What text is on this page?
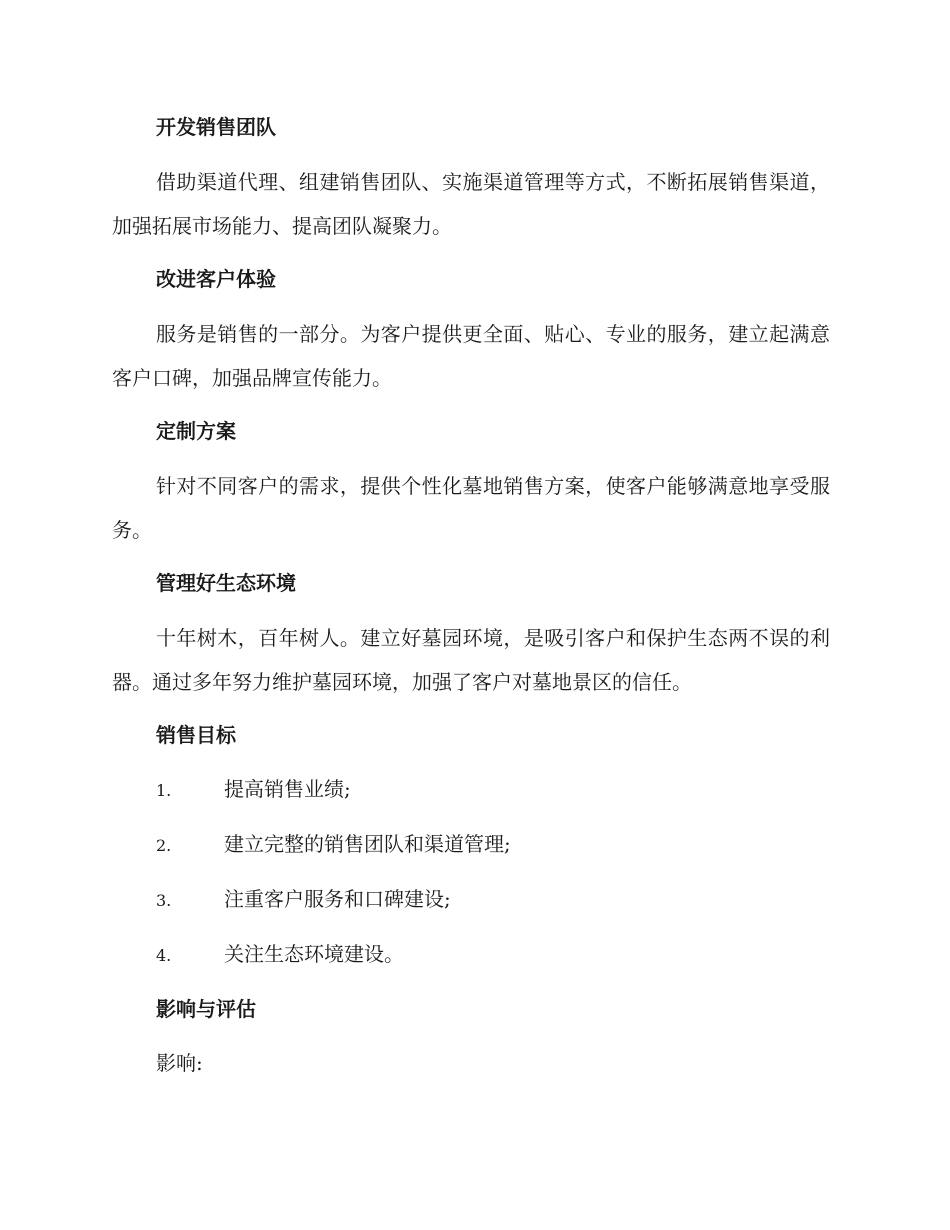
开发销售团队
借助渠道代理、组建销售团队、实施渠道管理等方式，不断拓展销售渠道，加强拓展市场能力、提高团队凝聚力。
改进客户体验
服务是销售的一部分。为客户提供更全面、贴心、专业的服务，建立起满意客户口碑，加强品牌宣传能力。
定制方案
针对不同客户的需求，提供个性化墓地销售方案，使客户能够满意地享受服务。
管理好生态环境
十年树木，百年树人。建立好墓园环境，是吸引客户和保护生态两不误的利器。通过多年努力维护墓园环境，加强了客户对墓地景区的信任。
销售目标
1.	提高销售业绩;
2.	建立完整的销售团队和渠道管理;
3.	注重客户服务和口碑建设;
4.	关注生态环境建设。
影响与评估
影响:
